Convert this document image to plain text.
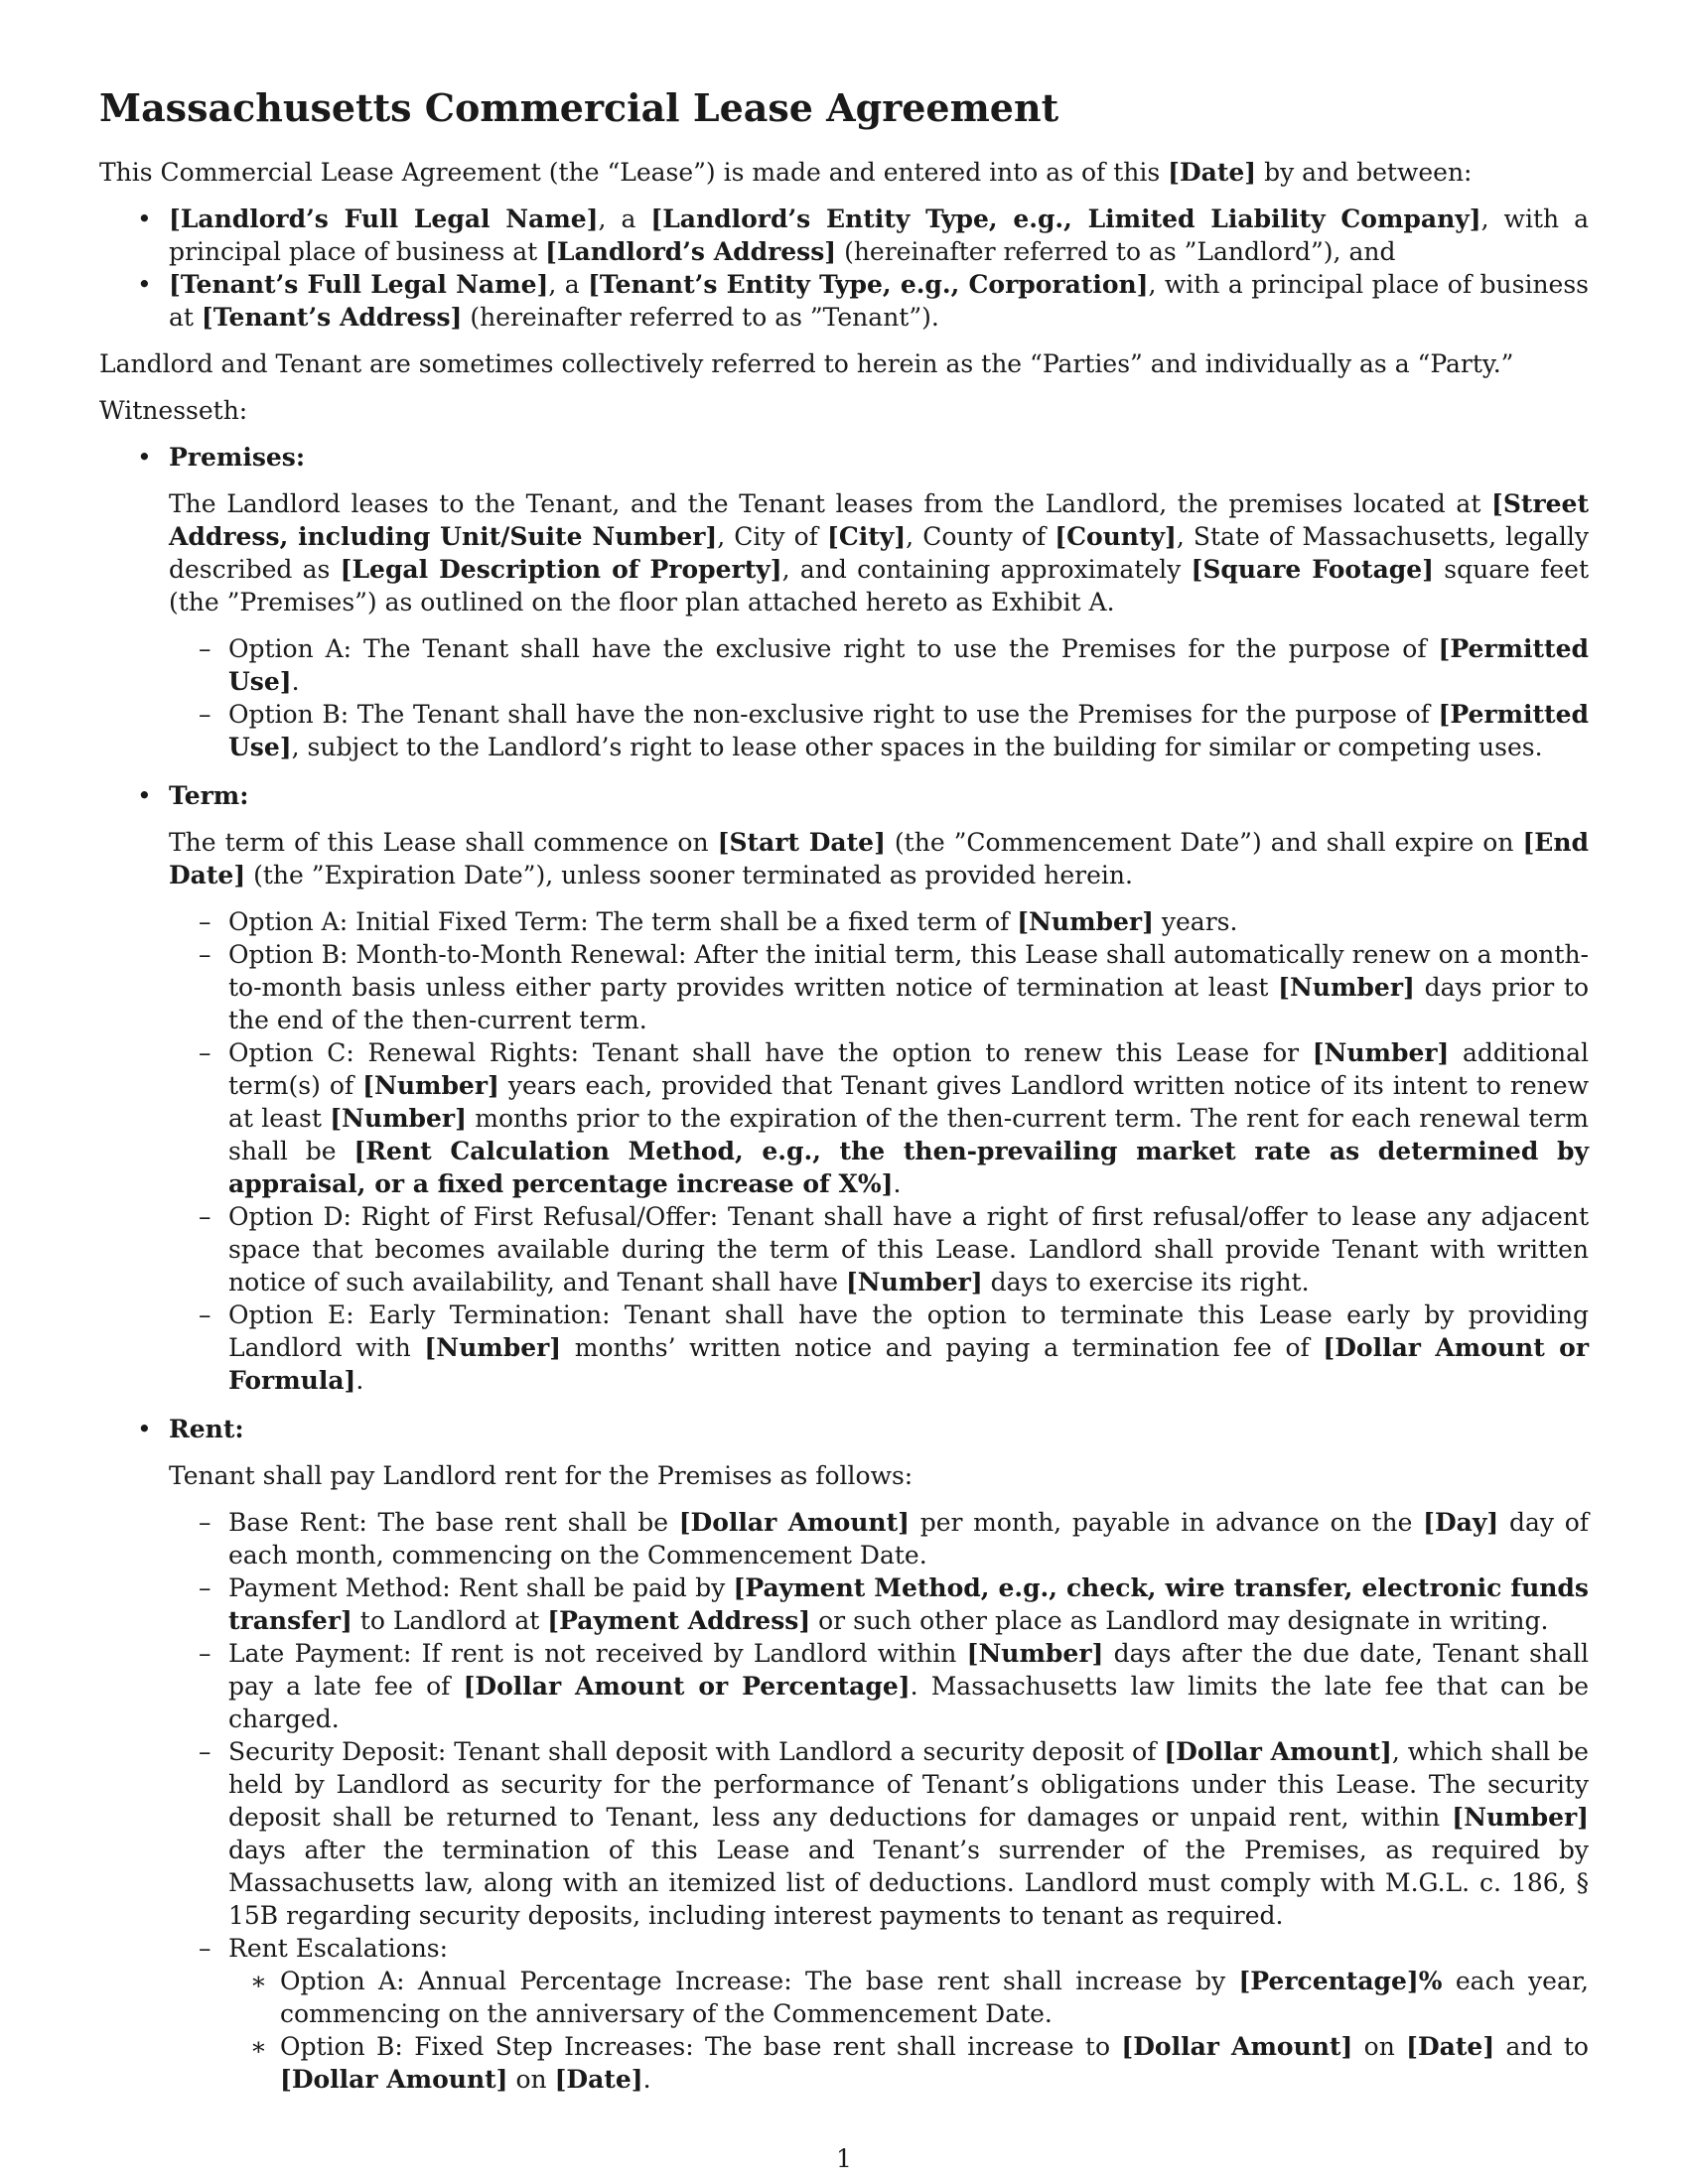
Massachusetts Commercial Lease Agreement

This Commercial Lease Agreement (the “Lease”) is made and entered into as of this [Date] by and between:

• [Landlord’s Full Legal Name], a [Landlord’s Entity Type, e.g., Limited Liability Company], with a principal place of business at [Landlord’s Address] (hereinafter referred to as ”Landlord”), and
• [Tenant’s Full Legal Name], a [Tenant’s Entity Type, e.g., Corporation], with a principal place of business at [Tenant’s Address] (hereinafter referred to as ”Tenant”).

Landlord and Tenant are sometimes collectively referred to herein as the “Parties” and individually as a “Party.”

Witnesseth:

• Premises:
The Landlord leases to the Tenant, and the Tenant leases from the Landlord, the premises located at [Street Address, including Unit/Suite Number], City of [City], County of [County], State of Massachusetts, legally described as [Legal Description of Property], and containing approximately [Square Footage] square feet (the ”Premises”) as outlined on the floor plan attached hereto as Exhibit A.
– Option A: The Tenant shall have the exclusive right to use the Premises for the purpose of [Permitted Use].
– Option B: The Tenant shall have the non-exclusive right to use the Premises for the purpose of [Permitted Use], subject to the Landlord’s right to lease other spaces in the building for similar or competing uses.
• Term:
The term of this Lease shall commence on [Start Date] (the ”Commencement Date”) and shall expire on [End Date] (the ”Expiration Date”), unless sooner terminated as provided herein.
– Option A: Initial Fixed Term: The term shall be a fixed term of [Number] years.
– Option B: Month-to-Month Renewal: After the initial term, this Lease shall automatically renew on a month-to-month basis unless either party provides written notice of termination at least [Number] days prior to the end of the then-current term.
– Option C: Renewal Rights: Tenant shall have the option to renew this Lease for [Number] additional term(s) of [Number] years each, provided that Tenant gives Landlord written notice of its intent to renew at least [Number] months prior to the expiration of the then-current term. The rent for each renewal term shall be [Rent Calculation Method, e.g., the then-prevailing market rate as determined by appraisal, or a fixed percentage increase of X%].
– Option D: Right of First Refusal/Offer: Tenant shall have a right of first refusal/offer to lease any adjacent space that becomes available during the term of this Lease. Landlord shall provide Tenant with written notice of such availability, and Tenant shall have [Number] days to exercise its right.
– Option E: Early Termination: Tenant shall have the option to terminate this Lease early by providing Landlord with [Number] months’ written notice and paying a termination fee of [Dollar Amount or Formula].
• Rent:
Tenant shall pay Landlord rent for the Premises as follows:
– Base Rent: The base rent shall be [Dollar Amount] per month, payable in advance on the [Day] day of each month, commencing on the Commencement Date.
– Payment Method: Rent shall be paid by [Payment Method, e.g., check, wire transfer, electronic funds transfer] to Landlord at [Payment Address] or such other place as Landlord may designate in writing.
– Late Payment: If rent is not received by Landlord within [Number] days after the due date, Tenant shall pay a late fee of [Dollar Amount or Percentage]. Massachusetts law limits the late fee that can be charged.
– Security Deposit: Tenant shall deposit with Landlord a security deposit of [Dollar Amount], which shall be held by Landlord as security for the performance of Tenant’s obligations under this Lease. The security deposit shall be returned to Tenant, less any deductions for damages or unpaid rent, within [Number] days after the termination of this Lease and Tenant’s surrender of the Premises, as required by Massachusetts law, along with an itemized list of deductions. Landlord must comply with M.G.L. c. 186, § 15B regarding security deposits, including interest payments to tenant as required.
– Rent Escalations:
∗ Option A: Annual Percentage Increase: The base rent shall increase by [Percentage]% each year, commencing on the anniversary of the Commencement Date.
∗ Option B: Fixed Step Increases: The base rent shall increase to [Dollar Amount] on [Date] and to [Dollar Amount] on [Date].
1
